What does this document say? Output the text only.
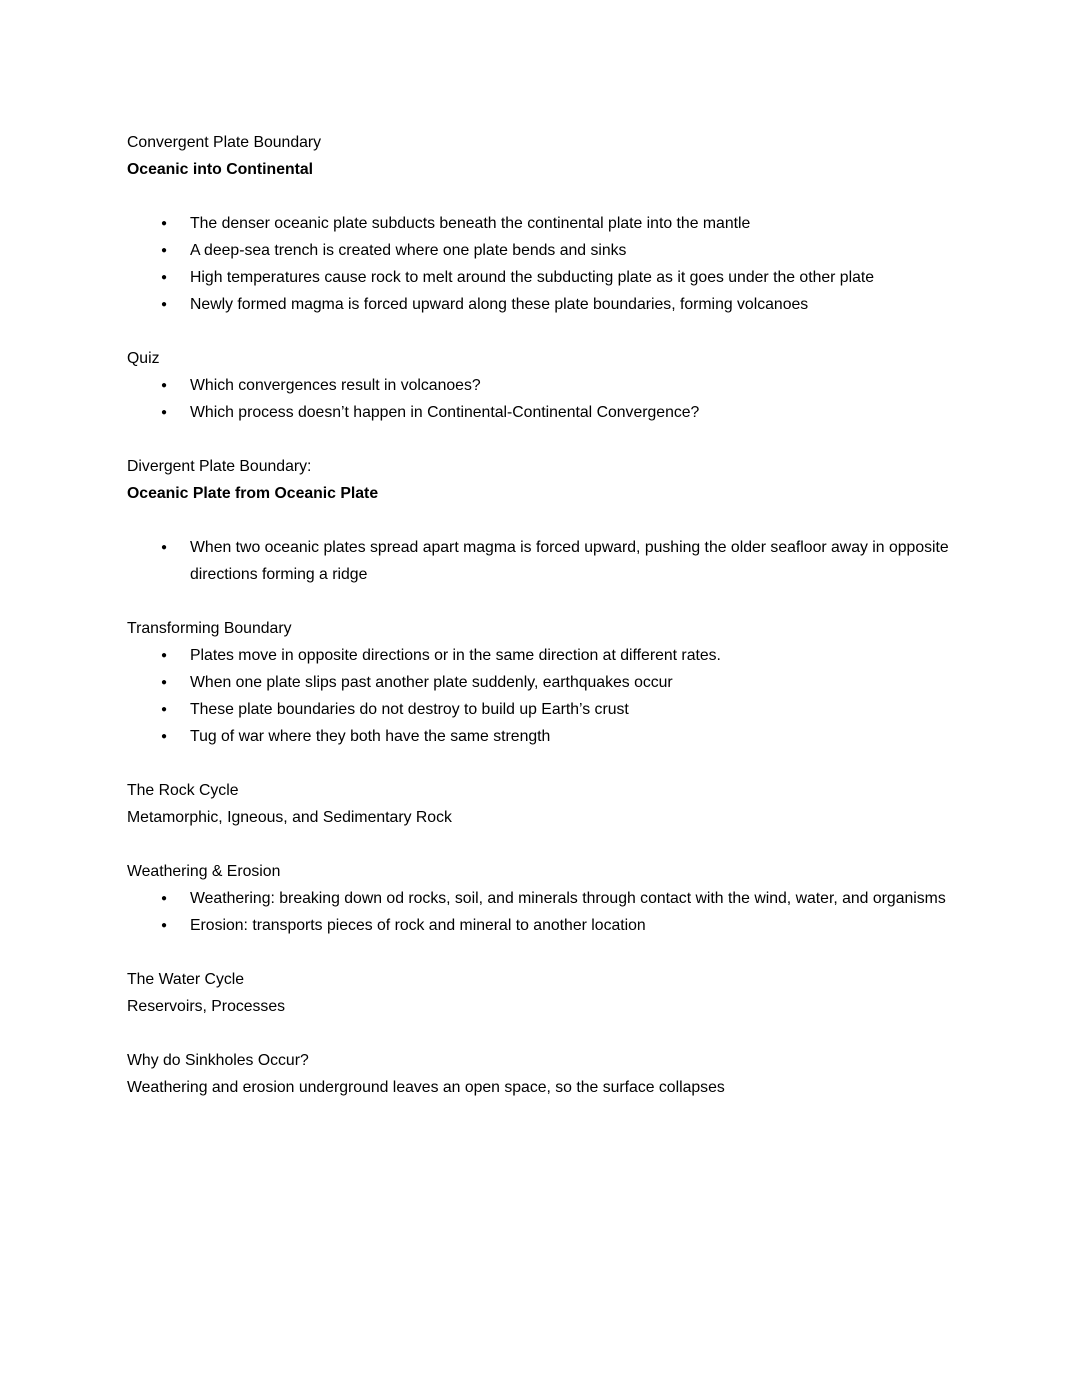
Convergent Plate Boundary
Oceanic into Continental
● The denser oceanic plate subducts beneath the continental plate into the mantle
● A deep-sea trench is created where one plate bends and sinks
● High temperatures cause rock to melt around the subducting plate as it goes under the other plate
● Newly formed magma is forced upward along these plate boundaries, forming volcanoes
Quiz
● Which convergences result in volcanoes?
● Which process doesn’t happen in Continental-Continental Convergence?
Divergent Plate Boundary:
Oceanic Plate from Oceanic Plate
● When two oceanic plates spread apart magma is forced upward, pushing the older seafloor away in opposite directions forming a ridge
Transforming Boundary
● Plates move in opposite directions or in the same direction at different rates.
● When one plate slips past another plate suddenly, earthquakes occur
● These plate boundaries do not destroy to build up Earth’s crust
● Tug of war where they both have the same strength
The Rock Cycle
Metamorphic, Igneous, and Sedimentary Rock
Weathering & Erosion
● Weathering: breaking down od rocks, soil, and minerals through contact with the wind, water, and organisms
● Erosion: transports pieces of rock and mineral to another location
The Water Cycle
Reservoirs, Processes
Why do Sinkholes Occur?
Weathering and erosion underground leaves an open space, so the surface collapses
